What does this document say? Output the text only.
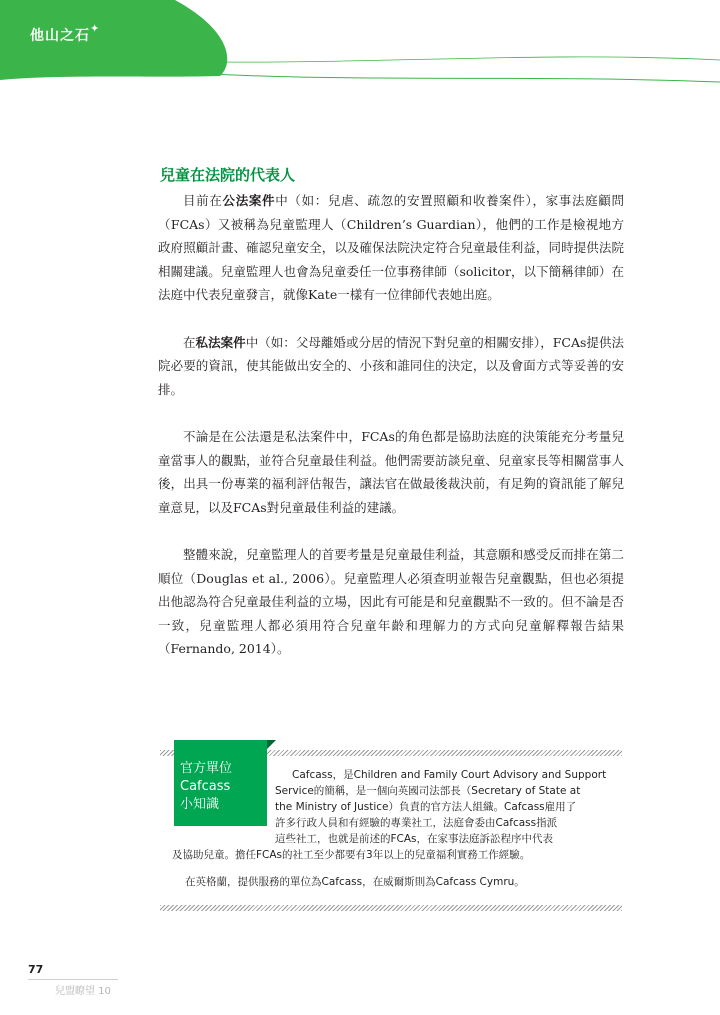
他山之石 ✦
兒童在法院的代表人

目前在公法案件中（如：兒虐、疏忽的安置照顧和收養案件），家事法庭顧問（FCAs）又被稱為兒童監理人（Children’s Guardian），他們的工作是檢視地方政府照顧計畫、確認兒童安全，以及確保法院決定符合兒童最佳利益，同時提供法院相關建議。兒童監理人也會為兒童委任一位事務律師（solicitor，以下簡稱律師）在法庭中代表兒童發言，就像Kate一樣有一位律師代表她出庭。

在私法案件中（如：父母離婚或分居的情況下對兒童的相關安排），FCAs提供法院必要的資訊，使其能做出安全的、小孩和誰同住的決定，以及會面方式等妥善的安排。

不論是在公法還是私法案件中，FCAs的角色都是協助法庭的決策能充分考量兒童當事人的觀點，並符合兒童最佳利益。他們需要訪談兒童、兒童家長等相關當事人後，出具一份專業的福利評估報告，讓法官在做最後裁決前，有足夠的資訊能了解兒童意見，以及FCAs對兒童最佳利益的建議。

整體來說，兒童監理人的首要考量是兒童最佳利益，其意願和感受反而排在第二順位（Douglas et al., 2006）。兒童監理人必須查明並報告兒童觀點，但也必須提出他認為符合兒童最佳利益的立場，因此有可能是和兒童觀點不一致的。但不論是否一致，兒童監理人都必須用符合兒童年齡和理解力的方式向兒童解釋報告結果（Fernando, 2014）。

官方單位
Cafcass
小知識
Cafcass，是Children and Family Court Advisory and Support
Service的簡稱，是一個向英國司法部長（Secretary of State at
the Ministry of Justice）負責的官方法人組織。Cafcass雇用了
許多行政人員和有經驗的專業社工，法庭會委由Cafcass指派
這些社工，也就是前述的FCAs，在家事法庭訴訟程序中代表
及協助兒童。擔任FCAs的社工至少都要有3年以上的兒童福利實務工作經驗。
在英格蘭，提供服務的單位為Cafcass，在威爾斯則為Cafcass Cymru。
77
兒盟瞭望 10
